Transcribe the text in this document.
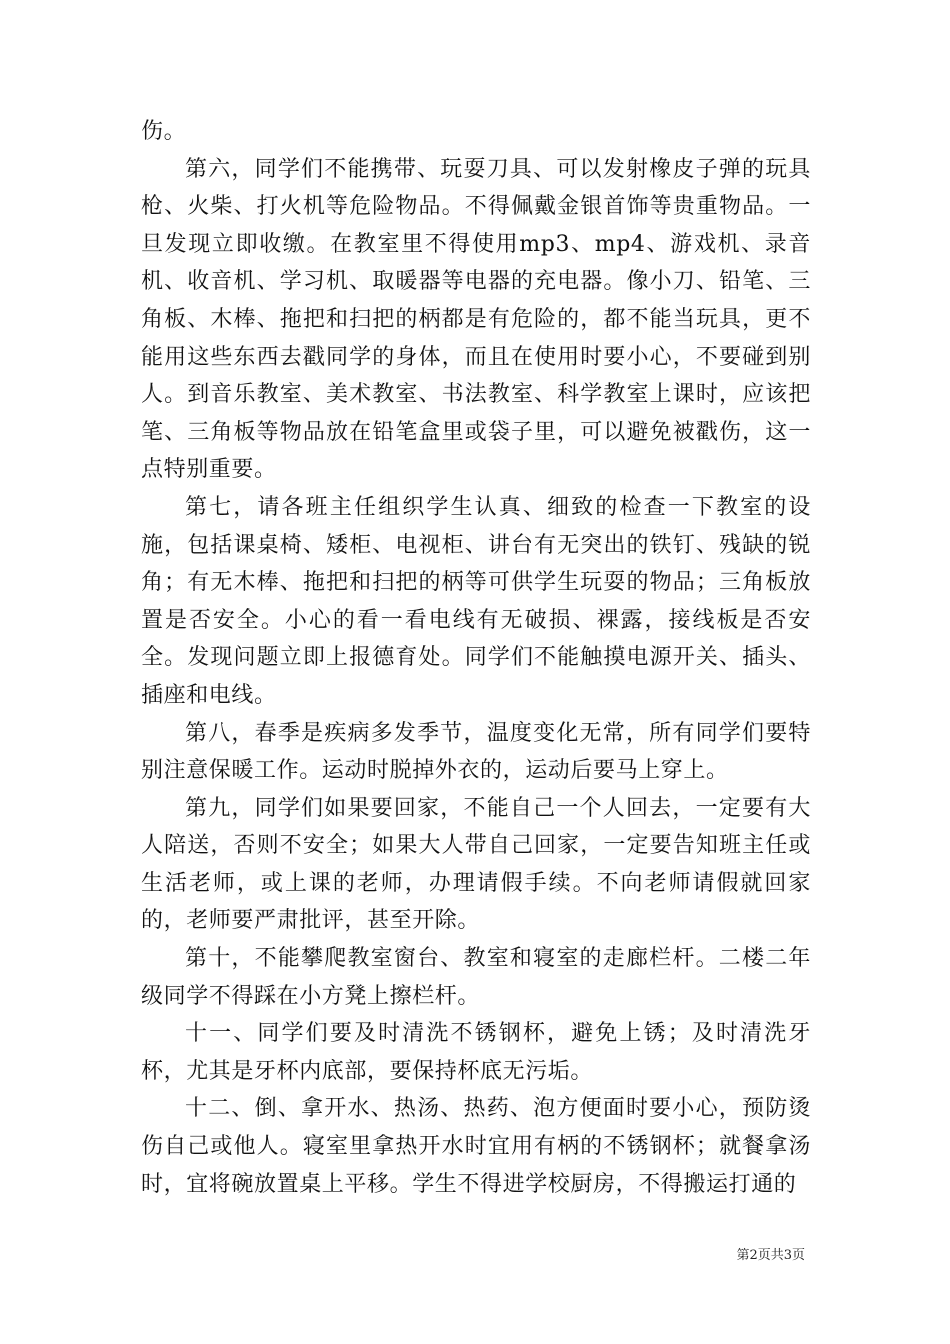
伤。

第六，同学们不能携带、玩耍刀具、可以发射橡皮子弹的玩具枪、火柴、打火机等危险物品。不得佩戴金银首饰等贵重物品。一旦发现立即收缴。在教室里不得使用mp3、mp4、游戏机、录音机、收音机、学习机、取暖器等电器的充电器。像小刀、铅笔、三角板、木棒、拖把和扫把的柄都是有危险的，都不能当玩具，更不能用这些东西去戳同学的身体，而且在使用时要小心，不要碰到别人。到音乐教室、美术教室、书法教室、科学教室上课时，应该把笔、三角板等物品放在铅笔盒里或袋子里，可以避免被戳伤，这一点特别重要。

第七，请各班主任组织学生认真、细致的检查一下教室的设施，包括课桌椅、矮柜、电视柜、讲台有无突出的铁钉、残缺的锐角；有无木棒、拖把和扫把的柄等可供学生玩耍的物品；三角板放置是否安全。小心的看一看电线有无破损、裸露，接线板是否安全。发现问题立即上报德育处。同学们不能触摸电源开关、插头、插座和电线。

第八，春季是疾病多发季节，温度变化无常，所有同学们要特别注意保暖工作。运动时脱掉外衣的，运动后要马上穿上。

第九，同学们如果要回家，不能自己一个人回去，一定要有大人陪送，否则不安全；如果大人带自己回家，一定要告知班主任或生活老师，或上课的老师，办理请假手续。不向老师请假就回家的，老师要严肃批评，甚至开除。

第十，不能攀爬教室窗台、教室和寝室的走廊栏杆。二楼二年级同学不得踩在小方凳上擦栏杆。

十一、同学们要及时清洗不锈钢杯，避免上锈；及时清洗牙杯，尤其是牙杯内底部，要保持杯底无污垢。

十二、倒、拿开水、热汤、热药、泡方便面时要小心，预防烫伤自己或他人。寝室里拿热开水时宜用有柄的不锈钢杯；就餐拿汤时，宜将碗放置桌上平移。学生不得进学校厨房，不得搬运打通的

第2页共3页
